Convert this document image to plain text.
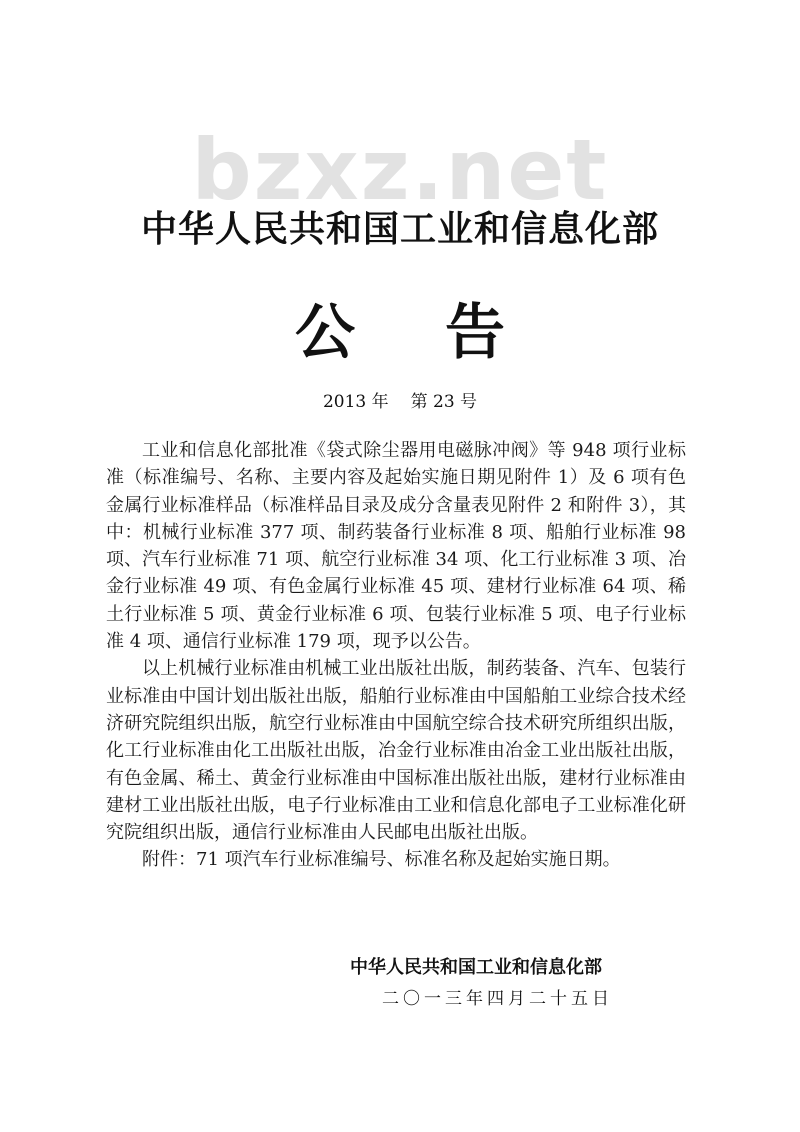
bzxz.net
中华人民共和国工业和信息化部
公 告
2013 年 第 23 号

工业和信息化部批准《袋式除尘器用电磁脉冲阀》等 948 项行业标准（标准编号、名称、主要内容及起始实施日期见附件 1）及 6 项有色金属行业标准样品（标准样品目录及成分含量表见附件 2 和附件 3），其中：机械行业标准 377 项、制药装备行业标准 8 项、船舶行业标准 98 项、汽车行业标准 71 项、航空行业标准 34 项、化工行业标准 3 项、冶金行业标准 49 项、有色金属行业标准 45 项、建材行业标准 64 项、稀土行业标准 5 项、黄金行业标准 6 项、包装行业标准 5 项、电子行业标准 4 项、通信行业标准 179 项，现予以公告。

以上机械行业标准由机械工业出版社出版，制药装备、汽车、包装行业标准由中国计划出版社出版，船舶行业标准由中国船舶工业综合技术经济研究院组织出版，航空行业标准由中国航空综合技术研究所组织出版，化工行业标准由化工出版社出版，冶金行业标准由冶金工业出版社出版，有色金属、稀土、黄金行业标准由中国标准出版社出版，建材行业标准由建材工业出版社出版，电子行业标准由工业和信息化部电子工业标准化研究院组织出版，通信行业标准由人民邮电出版社出版。

附件：71 项汽车行业标准编号、标准名称及起始实施日期。

中华人民共和国工业和信息化部
二〇一三年四月二十五日
